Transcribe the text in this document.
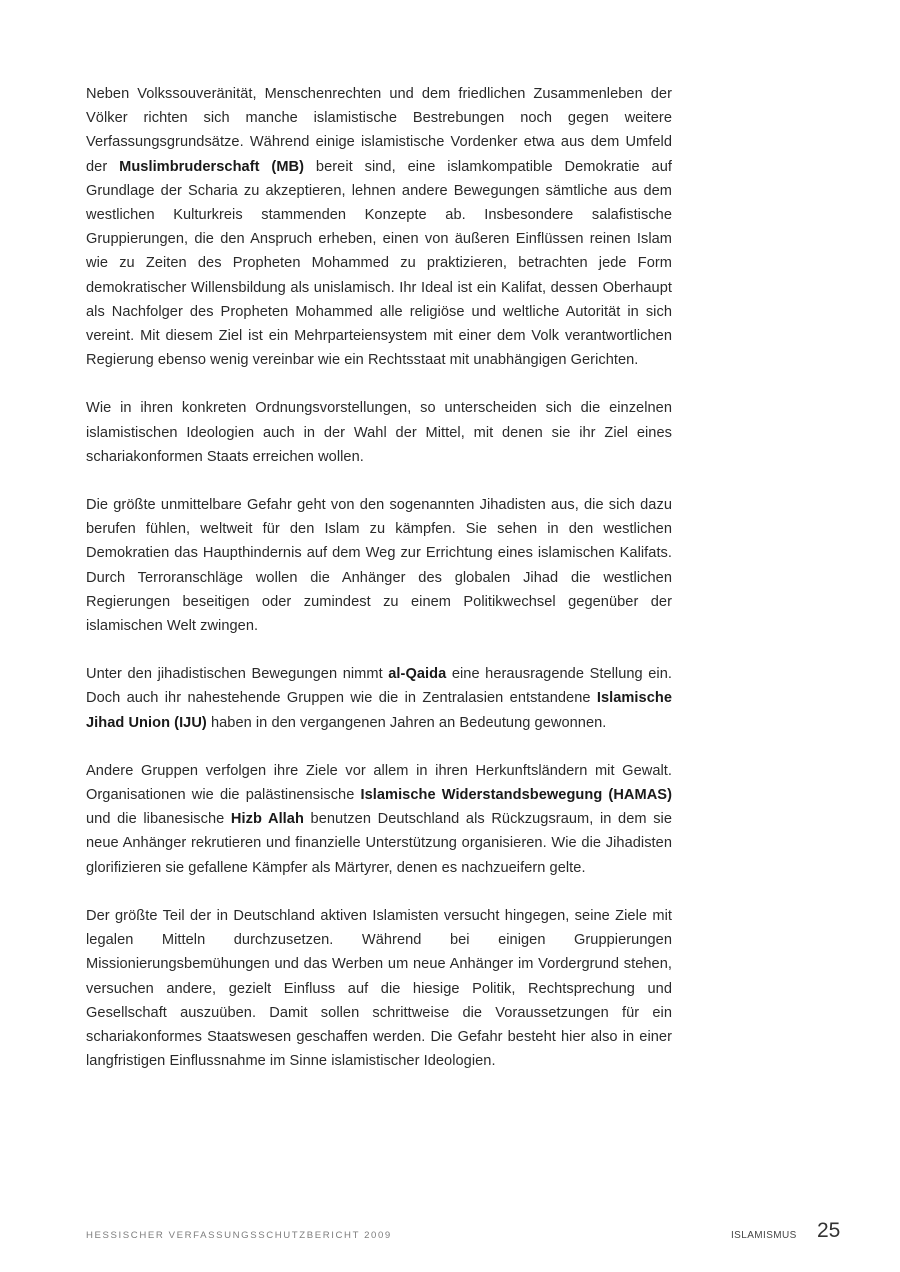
Neben Volkssouveränität, Menschenrechten und dem friedlichen Zusammenleben der Völker richten sich manche islamistische Bestrebungen noch gegen weitere Verfassungsgrundsätze. Während einige islamistische Vordenker etwa aus dem Umfeld der Muslimbruderschaft (MB) bereit sind, eine islamkompatible Demokratie auf Grundlage der Scharia zu akzeptieren, lehnen andere Bewegungen sämtliche aus dem westlichen Kulturkreis stammenden Konzepte ab. Insbesondere salafistische Gruppierungen, die den Anspruch erheben, einen von äußeren Einflüssen reinen Islam wie zu Zeiten des Propheten Mohammed zu praktizieren, betrachten jede Form demokratischer Willensbildung als unislamisch. Ihr Ideal ist ein Kalifat, dessen Oberhaupt als Nachfolger des Propheten Mohammed alle religiöse und weltliche Autorität in sich vereint. Mit diesem Ziel ist ein Mehrparteiensystem mit einer dem Volk verantwortlichen Regierung ebenso wenig vereinbar wie ein Rechtsstaat mit unabhängigen Gerichten.

Wie in ihren konkreten Ordnungsvorstellungen, so unterscheiden sich die einzelnen islamistischen Ideologien auch in der Wahl der Mittel, mit denen sie ihr Ziel eines schariakonformen Staats erreichen wollen.

Die größte unmittelbare Gefahr geht von den sogenannten Jihadisten aus, die sich dazu berufen fühlen, weltweit für den Islam zu kämpfen. Sie sehen in den westlichen Demokratien das Haupthindernis auf dem Weg zur Errichtung eines islamischen Kalifats. Durch Terroranschläge wollen die Anhänger des globalen Jihad die westlichen Regierungen beseitigen oder zumindest zu einem Politikwechsel gegenüber der islamischen Welt zwingen.

Unter den jihadistischen Bewegungen nimmt al-Qaida eine herausragende Stellung ein. Doch auch ihr nahestehende Gruppen wie die in Zentralasien entstandene Islamische Jihad Union (IJU) haben in den vergangenen Jahren an Bedeutung gewonnen.

Andere Gruppen verfolgen ihre Ziele vor allem in ihren Herkunftsländern mit Gewalt. Organisationen wie die palästinensische Islamische Widerstandsbewegung (HAMAS) und die libanesische Hizb Allah benutzen Deutschland als Rückzugsraum, in dem sie neue Anhänger rekrutieren und finanzielle Unterstützung organisieren. Wie die Jihadisten glorifizieren sie gefallene Kämpfer als Märtyrer, denen es nachzueifern gelte.

Der größte Teil der in Deutschland aktiven Islamisten versucht hingegen, seine Ziele mit legalen Mitteln durchzusetzen. Während bei einigen Gruppierungen Missionierungsbemühungen und das Werben um neue Anhänger im Vordergrund stehen, versuchen andere, gezielt Einfluss auf die hiesige Politik, Rechtsprechung und Gesellschaft auszuüben. Damit sollen schrittweise die Voraussetzungen für ein schariakonformes Staatswesen geschaffen werden. Die Gefahr besteht hier also in einer langfristigen Einflussnahme im Sinne islamistischer Ideologien.

HESSISCHER VERFASSUNGSSCHUTZBERICHT 2009	ISLAMISMUS 25
